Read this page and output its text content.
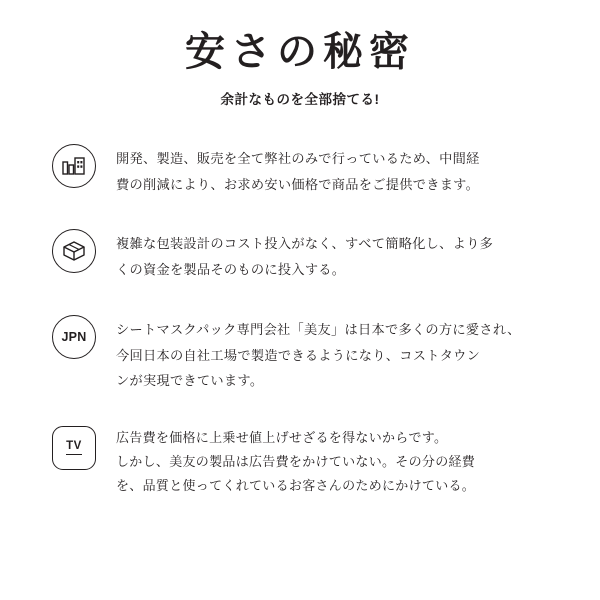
安さの秘密
余計なものを全部捨てる!

開発、製造、販売を全て弊社のみで行っているため、中間経

費の削減により、お求め安い価格で商品をご提供できます。

複雑な包装設計のコスト投入がなく、すべて簡略化し、より多

くの資金を製品そのものに投入する。

JPN シートマスクパック専門会社「美友」は日本で多くの方に愛され、

今回日本の自社工場で製造できるようになり、コストタウン

ンが実現できています。

TV

広告費を価格に上乗せ値上げせざるを得ないからです。

しかし、美友の製品は広告費をかけていない。その分の経費

を、品質と使ってくれているお客さんのためにかけている。
